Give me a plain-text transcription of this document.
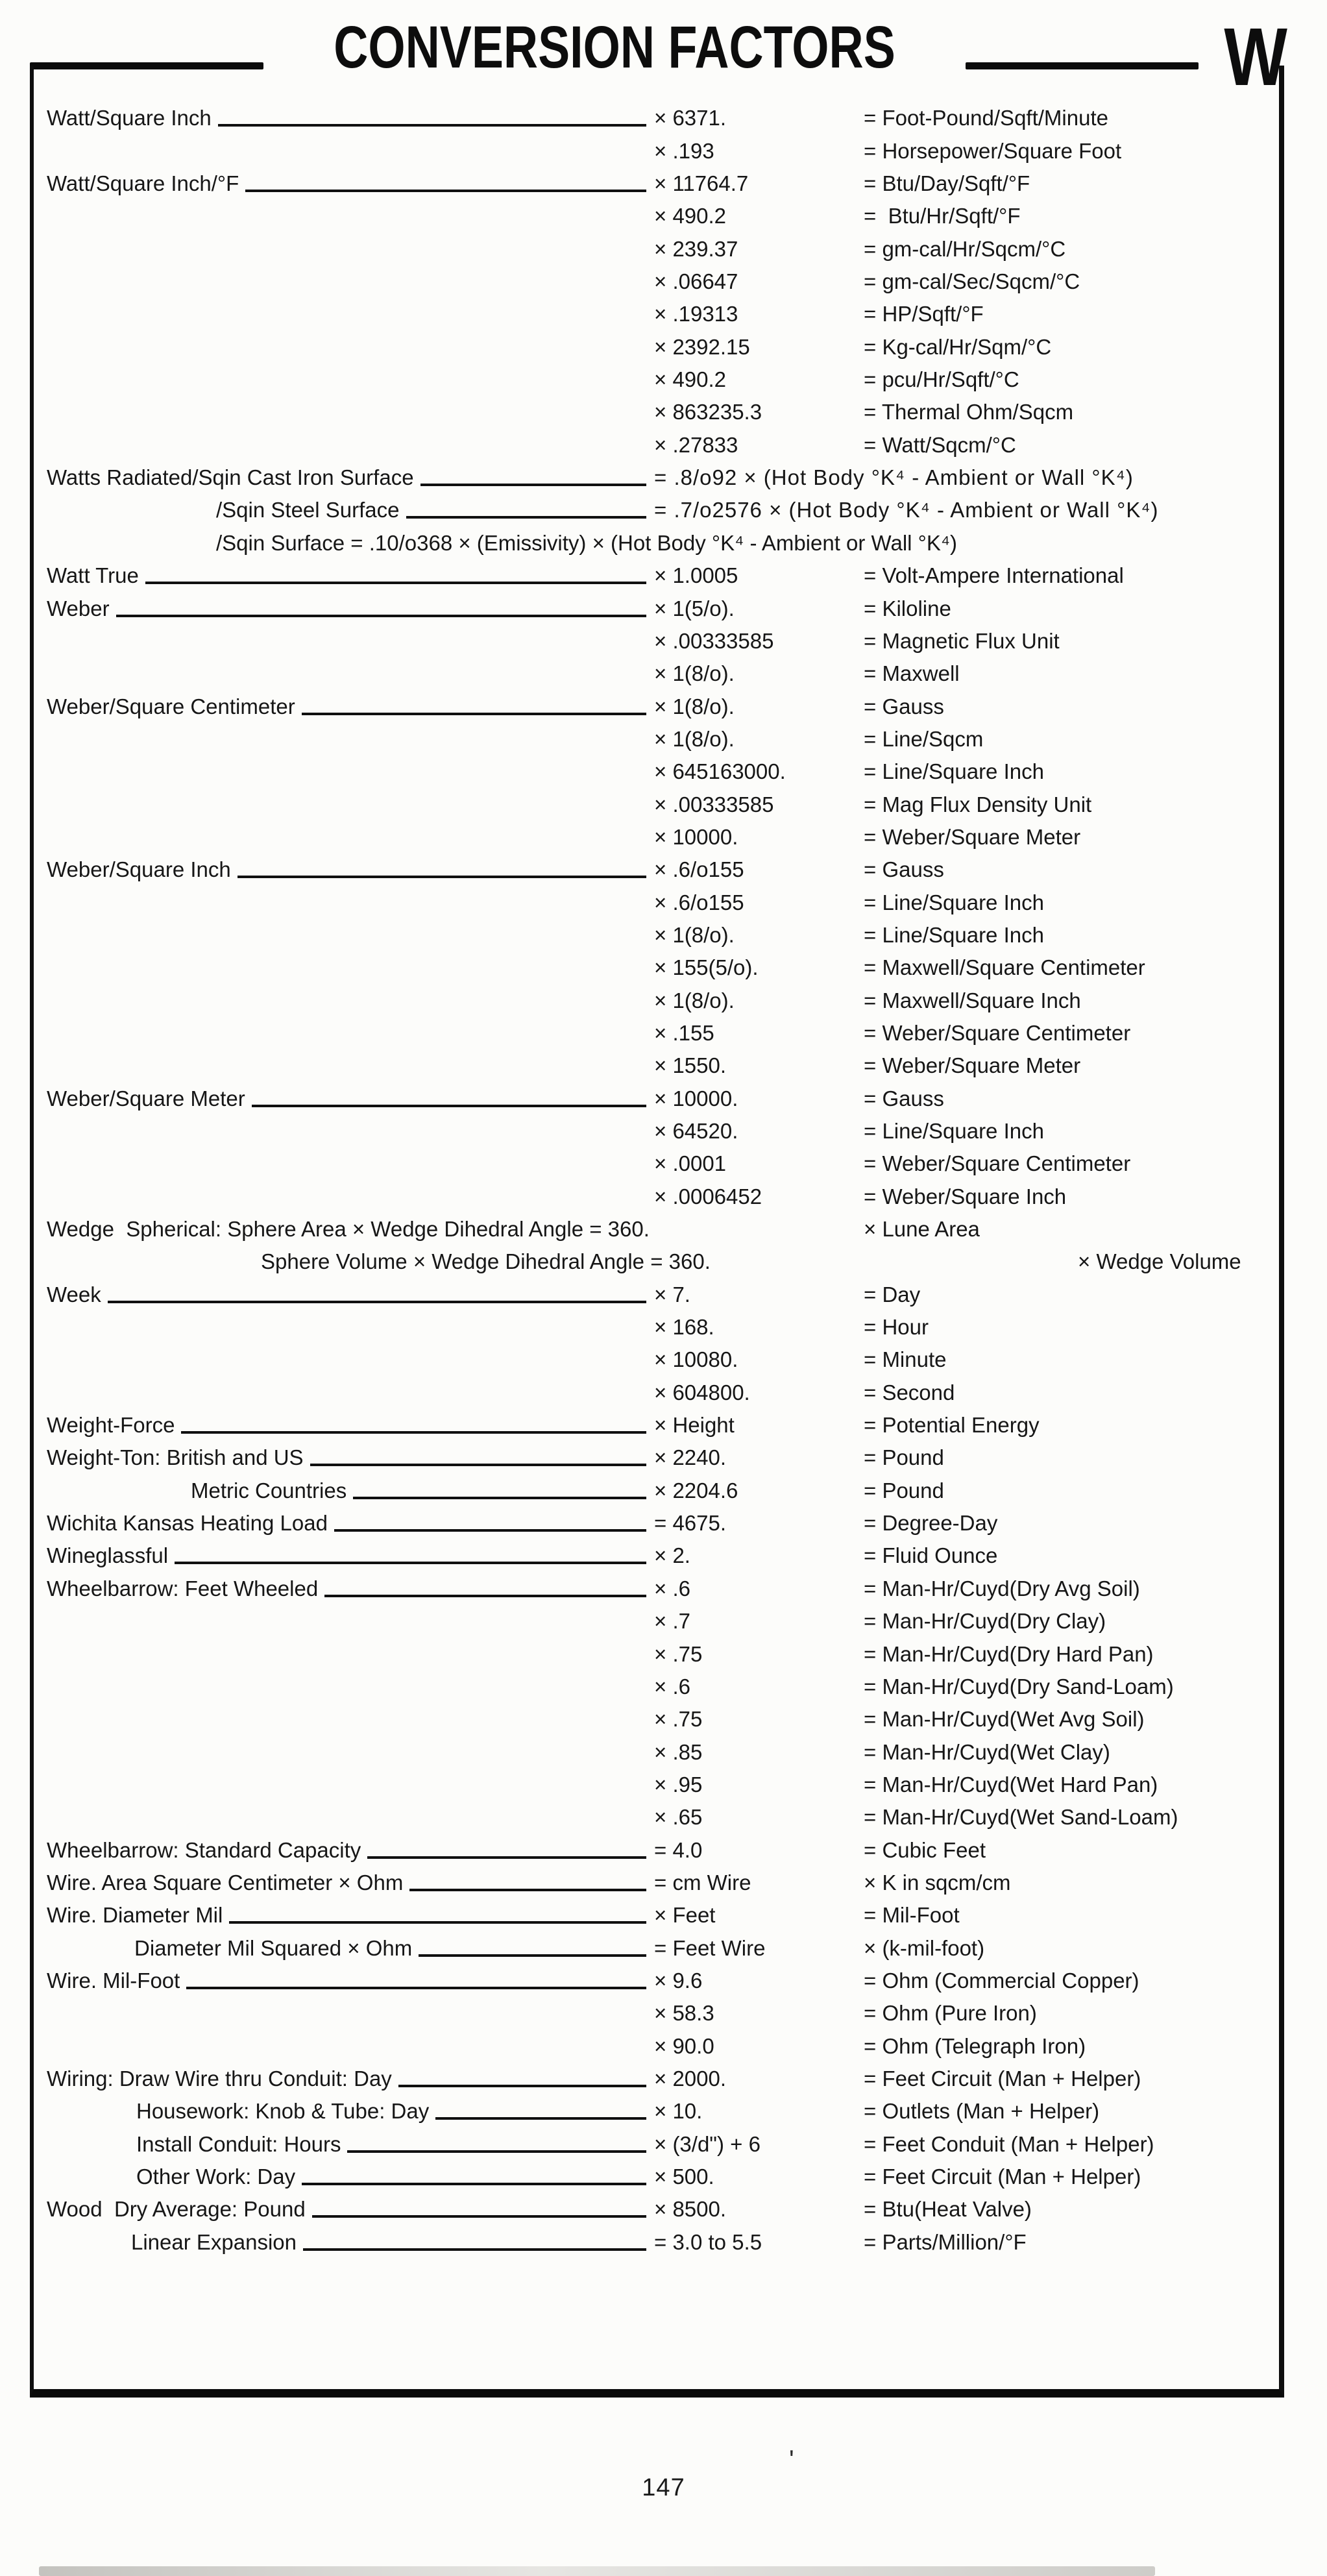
CONVERSION FACTORS	W
Watt/Square Inch	× 6371.	= Foot-Pound/Sqft/Minute
× .193	= Horsepower/Square Foot
Watt/Square Inch/°F	× 11764.7	= Btu/Day/Sqft/°F
× 490.2	=  Btu/Hr/Sqft/°F
× 239.37	= gm-cal/Hr/Sqcm/°C
× .06647	= gm-cal/Sec/Sqcm/°C
× .19313	= HP/Sqft/°F
× 2392.15	= Kg-cal/Hr/Sqm/°C
× 490.2	= pcu/Hr/Sqft/°C
× 863235.3	= Thermal Ohm/Sqcm
× .27833	= Watt/Sqcm/°C
Watts Radiated/Sqin Cast Iron Surface	= .8/o92 × (Hot Body °K⁴ - Ambient or Wall °K⁴)
/Sqin Steel Surface	= .7/o2576 × (Hot Body °K⁴ - Ambient or Wall °K⁴)
/Sqin Surface = .10/o368 × (Emissivity) × (Hot Body °K⁴ - Ambient or Wall °K⁴)
Watt True	× 1.0005	= Volt-Ampere International
Weber	× 1(5/o).	= Kiloline
× .00333585	= Magnetic Flux Unit
× 1(8/o).	= Maxwell
Weber/Square Centimeter	× 1(8/o).	= Gauss
× 1(8/o).	= Line/Sqcm
× 645163000.	= Line/Square Inch
× .00333585	= Mag Flux Density Unit
× 10000.	= Weber/Square Meter
Weber/Square Inch	× .6/o155	= Gauss
× .6/o155	= Line/Square Inch
× 1(8/o).	= Line/Square Inch
× 155(5/o).	= Maxwell/Square Centimeter
× 1(8/o).	= Maxwell/Square Inch
× .155	= Weber/Square Centimeter
× 1550.	= Weber/Square Meter
Weber/Square Meter	× 10000.	= Gauss
× 64520.	= Line/Square Inch
× .0001	= Weber/Square Centimeter
× .0006452	= Weber/Square Inch
Wedge  Spherical: Sphere Area × Wedge Dihedral Angle = 360.	× Lune Area
Sphere Volume × Wedge Dihedral Angle = 360.	× Wedge Volume
Week	× 7.	= Day
× 168.	= Hour
× 10080.	= Minute
× 604800.	= Second
Weight-Force	× Height	= Potential Energy
Weight-Ton: British and US	× 2240.	= Pound
Metric Countries	× 2204.6	= Pound
Wichita Kansas Heating Load	= 4675.	= Degree-Day
Wineglassful	× 2.	= Fluid Ounce
Wheelbarrow: Feet Wheeled	× .6	= Man-Hr/Cuyd(Dry Avg Soil)
× .7	= Man-Hr/Cuyd(Dry Clay)
× .75	= Man-Hr/Cuyd(Dry Hard Pan)
× .6	= Man-Hr/Cuyd(Dry Sand-Loam)
× .75	= Man-Hr/Cuyd(Wet Avg Soil)
× .85	= Man-Hr/Cuyd(Wet Clay)
× .95	= Man-Hr/Cuyd(Wet Hard Pan)
× .65	= Man-Hr/Cuyd(Wet Sand-Loam)
Wheelbarrow: Standard Capacity	= 4.0	= Cubic Feet
Wire. Area Square Centimeter × Ohm	= cm Wire	× K in sqcm/cm
Wire. Diameter Mil	× Feet	= Mil-Foot
Diameter Mil Squared × Ohm	= Feet Wire	× (k-mil-foot)
Wire. Mil-Foot	× 9.6	= Ohm (Commercial Copper)
× 58.3	= Ohm (Pure Iron)
× 90.0	= Ohm (Telegraph Iron)
Wiring: Draw Wire thru Conduit: Day	× 2000.	= Feet Circuit (Man + Helper)
Housework: Knob & Tube: Day	× 10.	= Outlets (Man + Helper)
Install Conduit: Hours	× (3/d") + 6	= Feet Conduit (Man + Helper)
Other Work: Day	× 500.	= Feet Circuit (Man + Helper)
Wood  Dry Average: Pound	× 8500.	= Btu(Heat Valve)
Linear Expansion	= 3.0 to 5.5	= Parts/Million/°F
'
147
